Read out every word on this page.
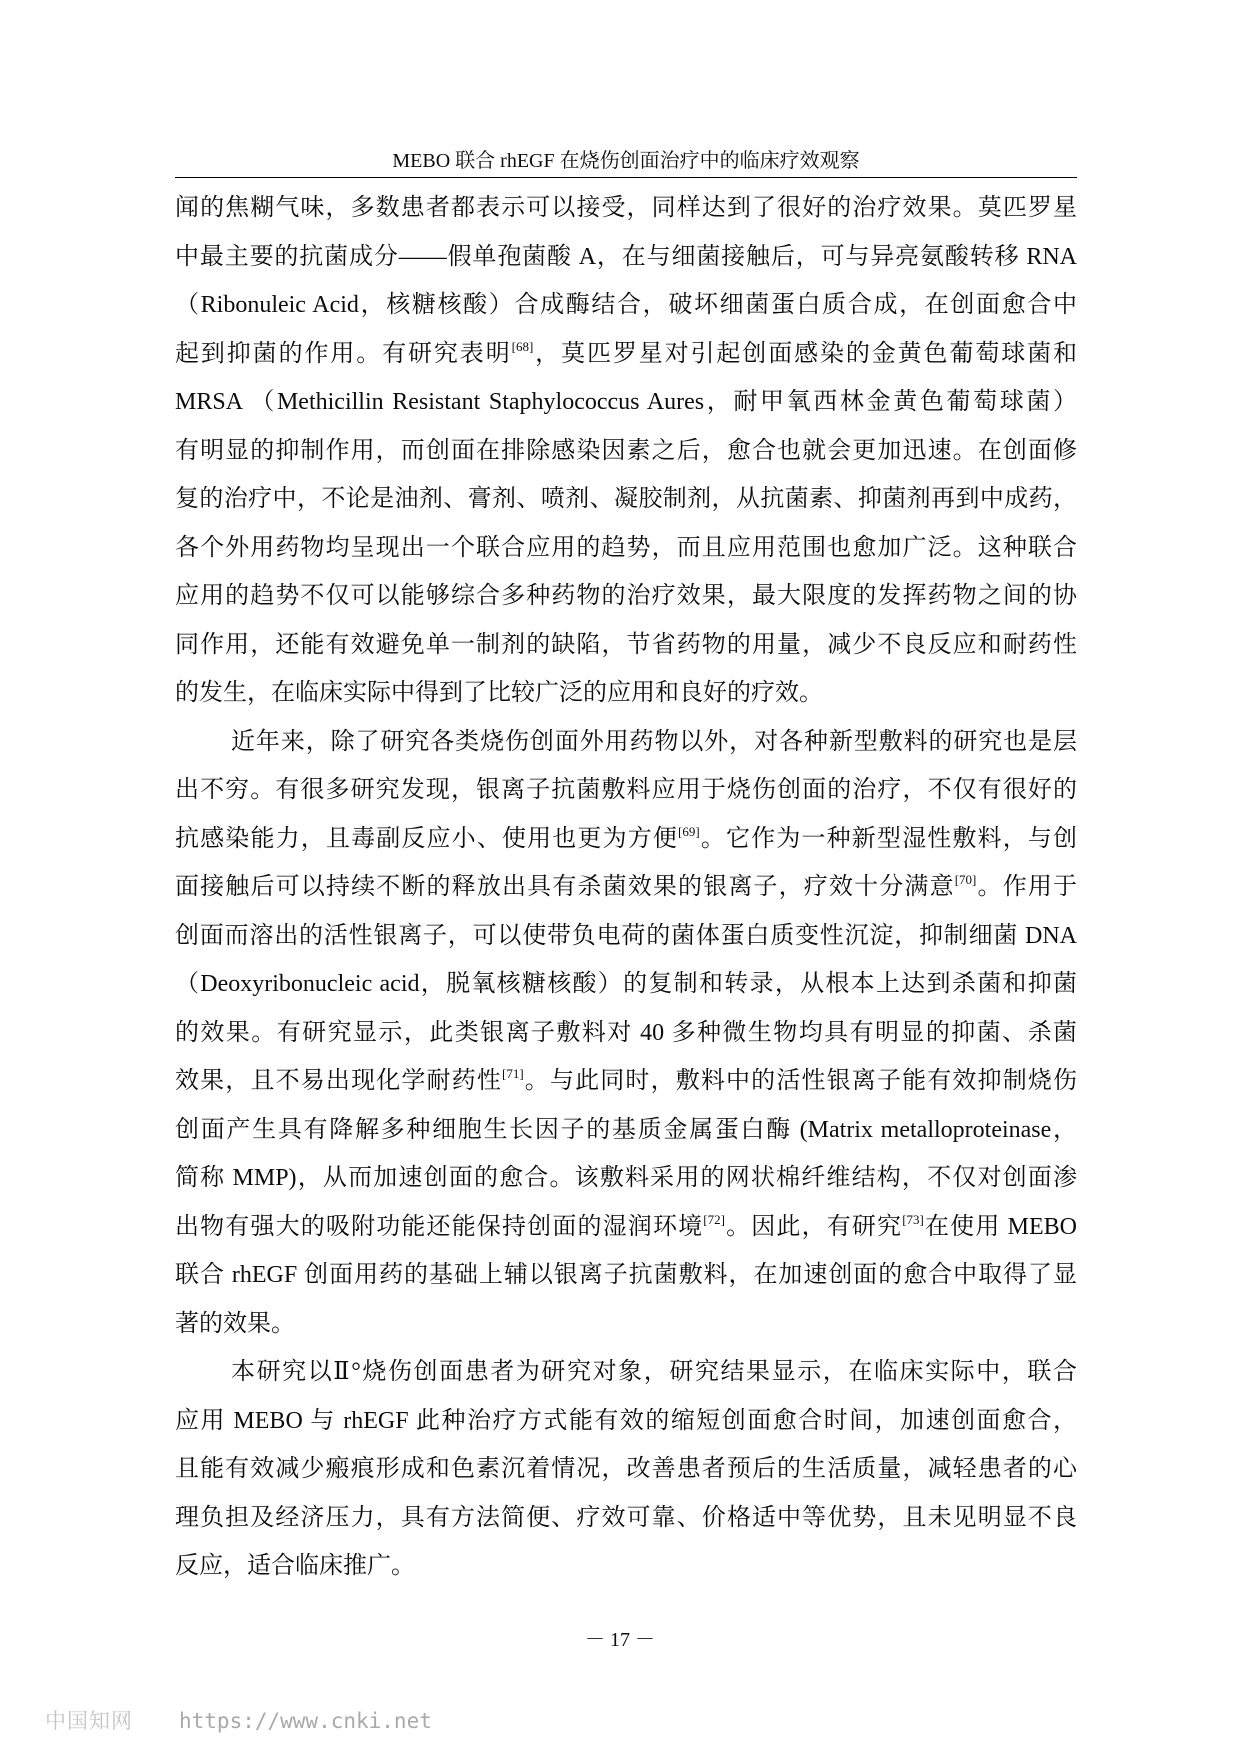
MEBO 联合 rhEGF 在烧伤创面治疗中的临床疗效观察
闻的焦糊气味，多数患者都表示可以接受，同样达到了很好的治疗效果。莫匹罗星
中最主要的抗菌成分——假单孢菌酸 A，在与细菌接触后，可与异亮氨酸转移 RNA
（Ribonuleic Acid，核糖核酸）合成酶结合，破坏细菌蛋白质合成，在创面愈合中
起到抑菌的作用。有研究表明[68]，莫匹罗星对引起创面感染的金黄色葡萄球菌和
MRSA （Methicillin Resistant Staphylococcus Aures，耐甲氧西林金黄色葡萄球菌）
有明显的抑制作用，而创面在排除感染因素之后，愈合也就会更加迅速。在创面修
复的治疗中，不论是油剂、膏剂、喷剂、凝胶制剂，从抗菌素、抑菌剂再到中成药，
各个外用药物均呈现出一个联合应用的趋势，而且应用范围也愈加广泛。这种联合
应用的趋势不仅可以能够综合多种药物的治疗效果，最大限度的发挥药物之间的协
同作用，还能有效避免单一制剂的缺陷，节省药物的用量，减少不良反应和耐药性
的发生，在临床实际中得到了比较广泛的应用和良好的疗效。
近年来，除了研究各类烧伤创面外用药物以外，对各种新型敷料的研究也是层
出不穷。有很多研究发现，银离子抗菌敷料应用于烧伤创面的治疗，不仅有很好的
抗感染能力，且毒副反应小、使用也更为方便[69]。它作为一种新型湿性敷料，与创
面接触后可以持续不断的释放出具有杀菌效果的银离子，疗效十分满意[70]。作用于
创面而溶出的活性银离子，可以使带负电荷的菌体蛋白质变性沉淀，抑制细菌 DNA
（Deoxyribonucleic acid，脱氧核糖核酸）的复制和转录，从根本上达到杀菌和抑菌
的效果。有研究显示，此类银离子敷料对 40 多种微生物均具有明显的抑菌、杀菌
效果，且不易出现化学耐药性[71]。与此同时，敷料中的活性银离子能有效抑制烧伤
创面产生具有降解多种细胞生长因子的基质金属蛋白酶 (Matrix metalloproteinase，
简称 MMP)，从而加速创面的愈合。该敷料采用的网状棉纤维结构，不仅对创面渗
出物有强大的吸附功能还能保持创面的湿润环境[72]。因此，有研究[73]在使用 MEBO
联合 rhEGF 创面用药的基础上辅以银离子抗菌敷料，在加速创面的愈合中取得了显
著的效果。
本研究以Ⅱ°烧伤创面患者为研究对象，研究结果显示，在临床实际中，联合
应用 MEBO 与 rhEGF 此种治疗方式能有效的缩短创面愈合时间，加速创面愈合，
且能有效减少瘢痕形成和色素沉着情况，改善患者预后的生活质量，减轻患者的心
理负担及经济压力，具有方法简便、疗效可靠、价格适中等优势，且未见明显不良
反应，适合临床推广。
－ 17 －
中国知网 https://www.cnki.net
